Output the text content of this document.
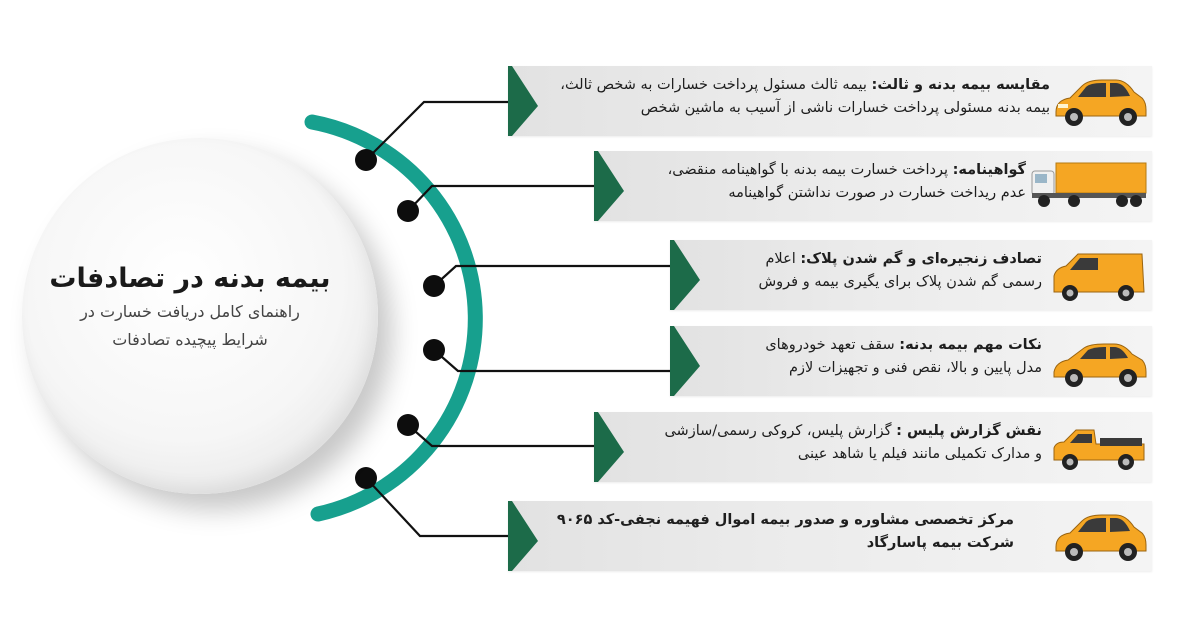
بیمه بدنه در تصادفات
راهنمای کامل دریافت خسارت در
شرایط پیچیده تصادفات
مقایسه بیمه بدنه و ثالث: بیمه ثالث مسئول پرداخت خسارات به شخص ثالث،
بیمه بدنه مسئولی پرداخت خسارات ناشی از آسیب به ماشین شخص
گواهینامه: پرداخت خسارت بیمه بدنه با گواهینامه منقضی،
عدم ریداخت خسارت در صورت نداشتن گواهینامه
تصادف زنجیره‌ای و گم شدن پلاک: اعلام
رسمی گم شدن پلاک برای یگیری بیمه و فروش
نکات مهم بیمه بدنه: سقف تعهد خودروهای
مدل پایین و بالا، نقص فنی و تجهیزات لازم
نقش گزارش پلیس : گزارش پلیس، کروکی رسمی/سازشی
و مدارک تکمیلی مانند فیلم یا شاهد عینی
مرکز تخصصی مشاوره و صدور بیمه اموال فهیمه نجفی-کد ۹۰۶۵
شرکت بیمه پاسارگاد
